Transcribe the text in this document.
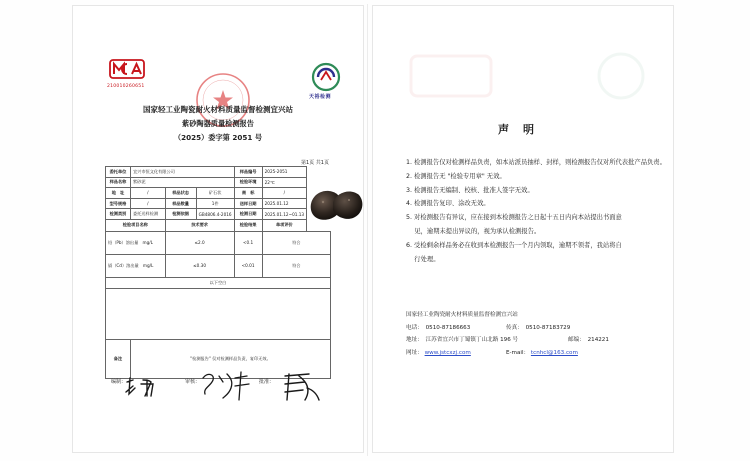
210010260651
天裕检测
国家轻工业陶瓷耐火材料质量监督检测宜兴站
紫砂陶器质量检测报告
（2025）委字第 2051 号
第1页 共1页
委托单位	宜兴市恒文化有限公司			样品编号	2025-2051	
样品名称	紫砂泥			检验环境	22℃	
地　址	/	样品状态	矿石状	商　标	/	
型号规格	/	样品数量	1件	送样日期	2025.01.12	
检测类别	委托送样检测	检测依据	GB4806.4-2016	检测日期	2025.01.12~01.13	
检验项目名称		技术要求		检验结果	单项评价	
铅（Pb）溶出量　mg/L		≤2.0		<0.1	符合	
镉（Cd）溶出量　mg/L		≤0.30		<0.01	符合	
以下空白						

备注	"检测报告" 仅对检测样品负责，复印无效。					
编制：	审核：	批准：
声明
1. 检测报告仅对检测样品负责，如本站派员抽样、封样，则检测报告仅对所代表批产品负责。
2. 检测报告无 "检验专用章" 无效。
3. 检测报告无编制、校核、批准人签字无效。
4. 检测报告复印、涂改无效。
5. 对检测报告有异议，应在接到本检测报告之日起十五日内向本站提出书面意
　 见，逾期未提出异议的，视为承认检测报告。
6. 受检剩余样品务必在收到本检测报告一个月内领取，逾期不领者，我站将自
　 行处理。
国家轻工业陶瓷耐火材料质量监督检测宜兴站
电话：　0510-87186663	传真：　0510-87183729
地址：　江苏省宜兴市丁蜀镇丁山北路 196 号	邮编：　214221
网址： www.jstcxzj.com	E-mail： tcnhcl@163.com
